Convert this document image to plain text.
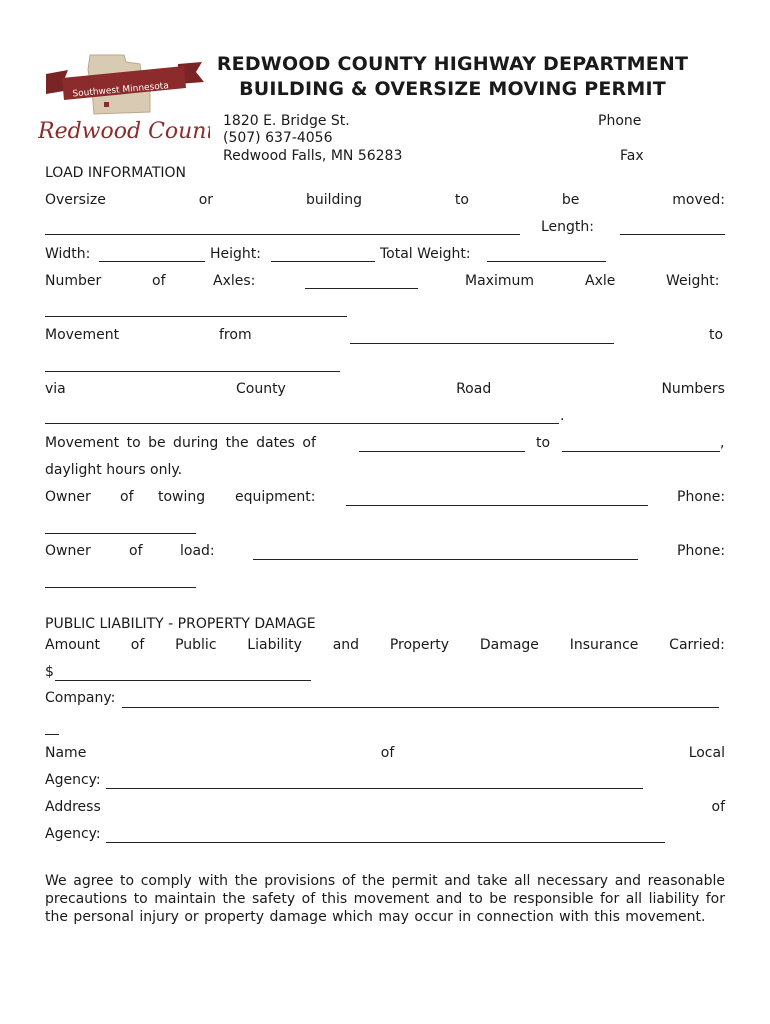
Southwest Minnesota
Redwood County
REDWOOD COUNTY HIGHWAY DEPARTMENT
BUILDING & OVERSIZE MOVING PERMIT
1820 E. Bridge St.	Phone
(507) 637-4056
Redwood Falls, MN 56283	Fax
LOAD INFORMATION
Oversize	or	building	to	be	moved:
Length:
Width:	Height:	Total Weight:
Number	of	Axles:	Maximum	Axle	Weight:
Movement	from	to
via	County	Road	Numbers
.
Movement to be during the dates of	to	,
daylight hours only.
Owner of towing equipment:	Phone:
Owner	of	load:	Phone:
PUBLIC LIABILITY - PROPERTY DAMAGE
Amount of Public Liability and Property Damage Insurance Carried:
$
Company:
Name	of	Local
Agency:
Address	of
Agency:
We agree to comply with the provisions of the permit and take all necessary and reasonable precautions to maintain the safety of this movement and to be responsible for all liability for the personal injury or property damage which may occur in connection with this movement.
